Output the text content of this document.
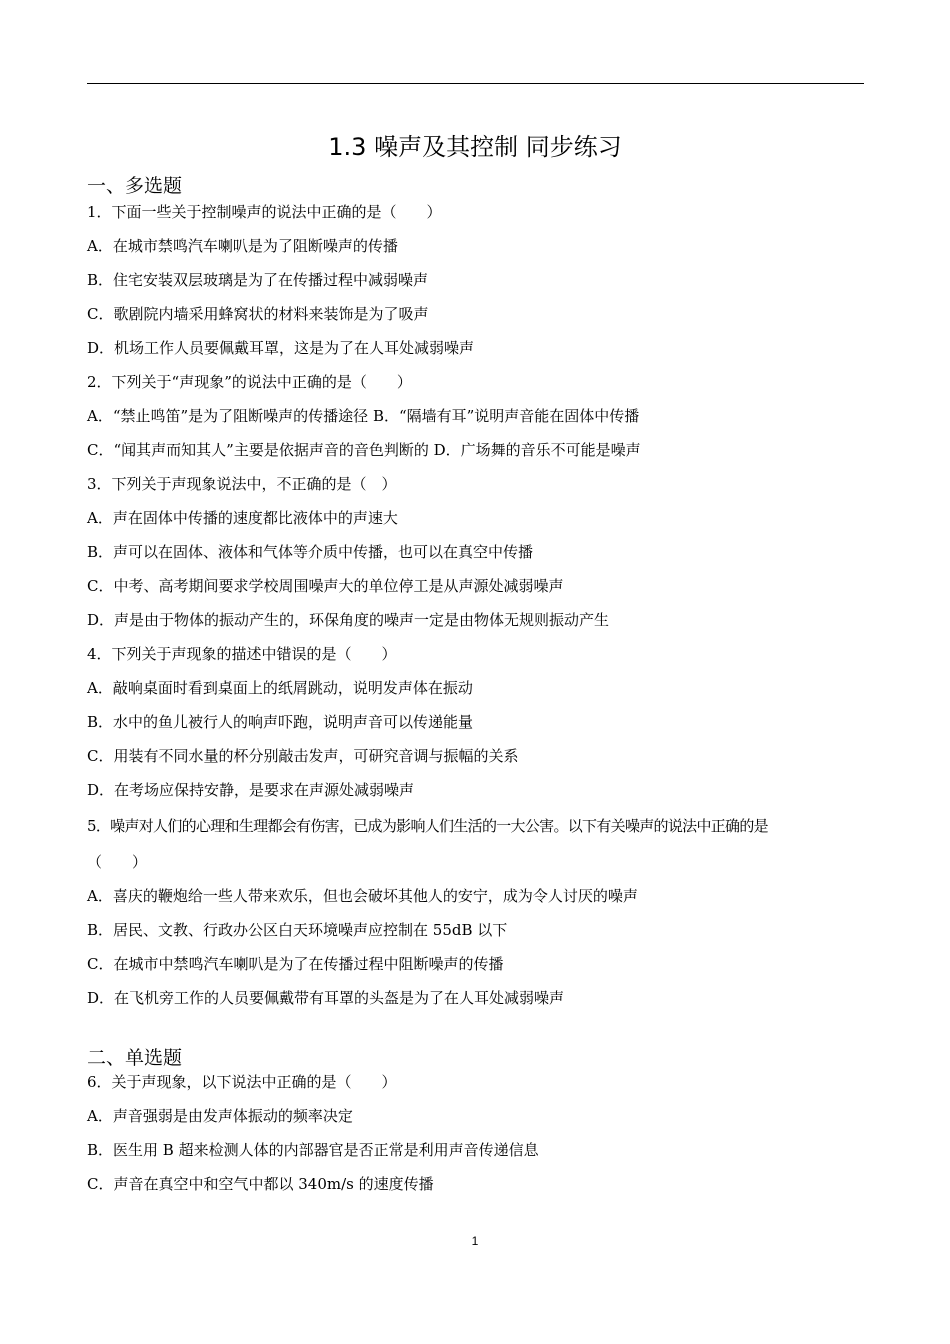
1.3 噪声及其控制 同步练习
一、多选题
1．下面一些关于控制噪声的说法中正确的是（　　）
A．在城市禁鸣汽车喇叭是为了阻断噪声的传播
B．住宅安装双层玻璃是为了在传播过程中减弱噪声
C．歌剧院内墙采用蜂窝状的材料来装饰是为了吸声
D．机场工作人员要佩戴耳罩，这是为了在人耳处减弱噪声
2．下列关于“声现象”的说法中正确的是（　　）
A．“禁止鸣笛”是为了阻断噪声的传播途径 B．“隔墙有耳”说明声音能在固体中传播
C．“闻其声而知其人”主要是依据声音的音色判断的 D．广场舞的音乐不可能是噪声
3．下列关于声现象说法中，不正确的是（　）
A．声在固体中传播的速度都比液体中的声速大
B．声可以在固体、液体和气体等介质中传播，也可以在真空中传播
C．中考、高考期间要求学校周围噪声大的单位停工是从声源处减弱噪声
D．声是由于物体的振动产生的，环保角度的噪声一定是由物体无规则振动产生
4．下列关于声现象的描述中错误的是（　　）
A．敲响桌面时看到桌面上的纸屑跳动，说明发声体在振动
B．水中的鱼儿被行人的响声吓跑，说明声音可以传递能量
C．用装有不同水量的杯分别敲击发声，可研究音调与振幅的关系
D．在考场应保持安静，是要求在声源处减弱噪声
5．噪声对人们的心理和生理都会有伤害，已成为影响人们生活的一大公害。以下有关噪声的说法中正确的是
（　　）
A．喜庆的鞭炮给一些人带来欢乐，但也会破坏其他人的安宁，成为令人讨厌的噪声
B．居民、文教、行政办公区白天环境噪声应控制在 55dB 以下
C．在城市中禁鸣汽车喇叭是为了在传播过程中阻断噪声的传播
D．在飞机旁工作的人员要佩戴带有耳罩的头盔是为了在人耳处减弱噪声
二、单选题
6．关于声现象，以下说法中正确的是（　　）
A．声音强弱是由发声体振动的频率决定
B．医生用 B 超来检测人体的内部器官是否正常是利用声音传递信息
C．声音在真空中和空气中都以 340m/s 的速度传播
1
